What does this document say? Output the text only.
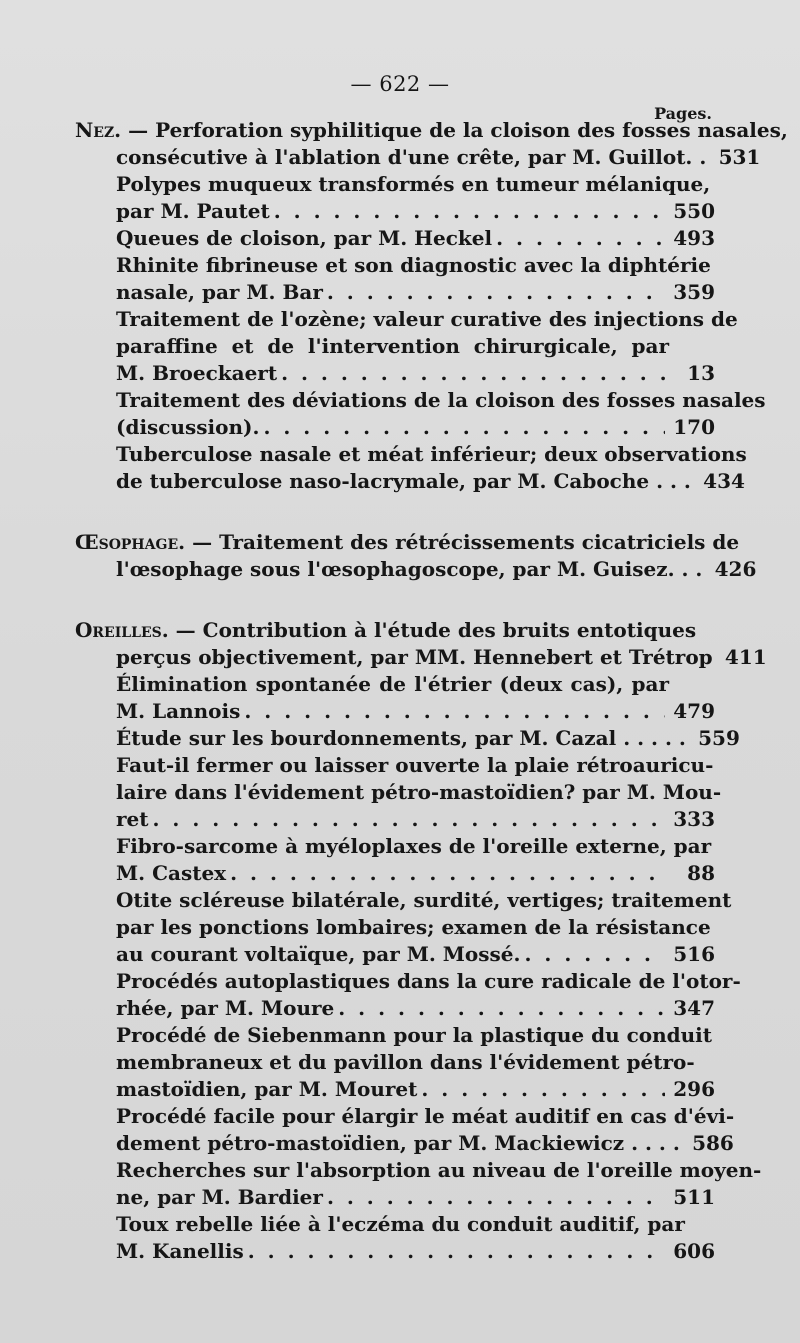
— 622 —
Pages.
Nez. — Perforation syphilitique de la cloison des fosses nasales,
consécutive à l'ablation d'une crête, par M. Guillot. . 531
Polypes muqueux transformés en tumeur mélanique,
par M. Pautet . . .	550
Queues de cloison, par M. Heckel . . .	493
Rhinite fibrineuse et son diagnostic avec la diphtérie
nasale, par M. Bar . . .	359
Traitement de l'ozène; valeur curative des injections de
paraffine et de l'intervention chirurgicale, par
M. Broeckaert . . .	13
Traitement des déviations de la cloison des fosses nasales
(discussion). . . .	170
Tuberculose nasale et méat inférieur; deux observations
de tuberculose naso-lacrymale, par M. Caboche . . . 434
Œsophage. — Traitement des rétrécissements cicatriciels de
l'œsophage sous l'œsophagoscope, par M. Guisez. . . 426
Oreilles. — Contribution à l'étude des bruits entotiques
perçus objectivement, par MM. Hennebert et Trétrop 411
Élimination spontanée de l'étrier (deux cas), par
M. Lannois . . .	479
Étude sur les bourdonnements, par M. Cazal . . . . . 559
Faut-il fermer ou laisser ouverte la plaie rétroauricu-
laire dans l'évidement pétro-mastoïdien? par M. Mou-
ret . . .	333
Fibro-sarcome à myéloplaxes de l'oreille externe, par
M. Castex . . .	88
Otite scléreuse bilatérale, surdité, vertiges; traitement
par les ponctions lombaires; examen de la résistance
au courant voltaïque, par M. Mossé. . . .	516
Procédés autoplastiques dans la cure radicale de l'otor-
rhée, par M. Moure . . .	347
Procédé de Siebenmann pour la plastique du conduit
membraneux et du pavillon dans l'évidement pétro-
mastoïdien, par M. Mouret . . .	296
Procédé facile pour élargir le méat auditif en cas d'évi-
dement pétro-mastoïdien, par M. Mackiewicz . . . . 586
Recherches sur l'absorption au niveau de l'oreille moyen-
ne, par M. Bardier . . .	511
Toux rebelle liée à l'eczéma du conduit auditif, par
M. Kanellis . . .	606
